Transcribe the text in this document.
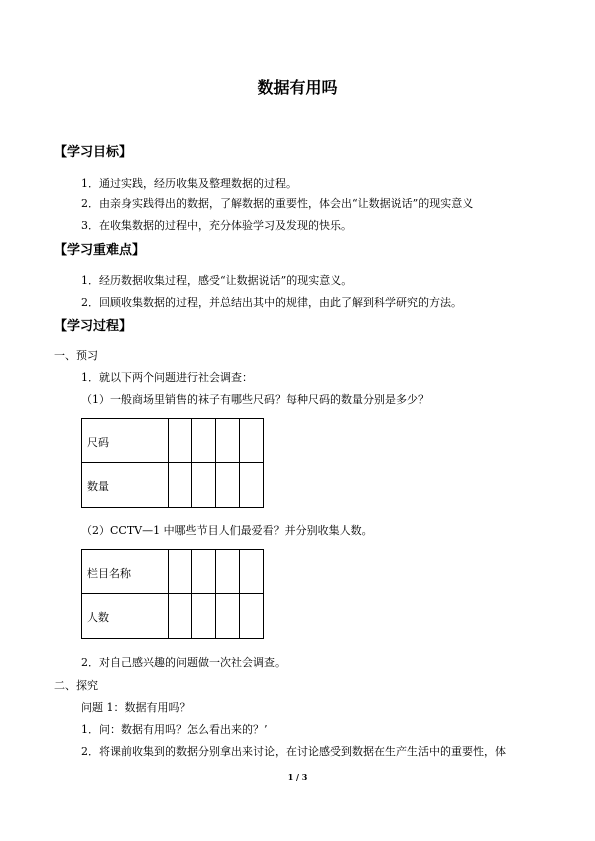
数据有用吗
【学习目标】
1．通过实践，经历收集及整理数据的过程。
2．由亲身实践得出的数据，了解数据的重要性，体会出“让数据说话”的现实意义
3．在收集数据的过程中，充分体验学习及发现的快乐。
【学习重难点】
1．经历数据收集过程，感受“让数据说话”的现实意义。
2．回顾收集数据的过程，并总结出其中的规律，由此了解到科学研究的方法。
【学习过程】
一、预习
1．就以下两个问题进行社会调查：
（1）一般商场里销售的袜子有哪些尺码？每种尺码的数量分别是多少？
尺码
数量
（2）CCTV—1 中哪些节目人们最爱看？并分别收集人数。
栏目名称
人数
2．对自己感兴趣的问题做一次社会调查。
二、探究
问题 1：数据有用吗？
1．问：数据有用吗？怎么看出来的？’
2．将课前收集到的数据分别拿出来讨论，在讨论感受到数据在生产生活中的重要性，体
1 / 3
